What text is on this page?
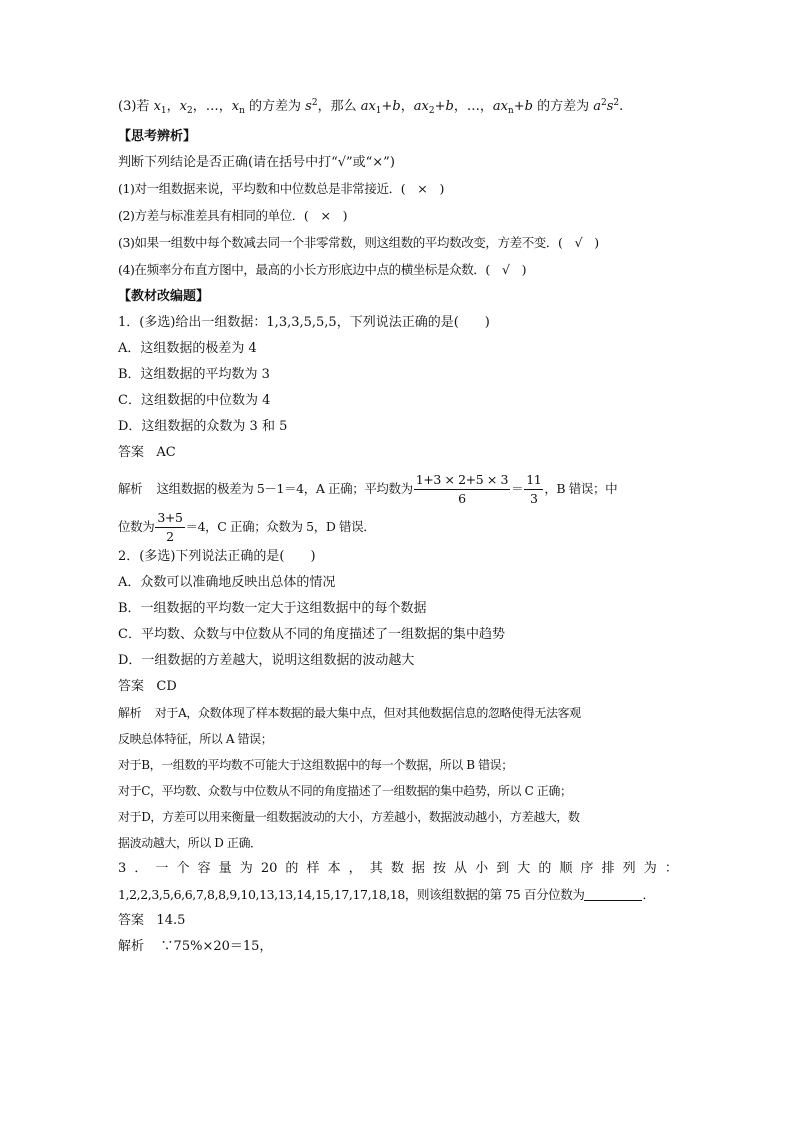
(3)若 $x_1$，$x_2$，…，$x_n$ 的方差为 $s^2$，那么 $ax_1+b$，$ax_2+b$，…，$ax_n+b$ 的方差为 $a^2s^2$.
【思考辨析】
判断下列结论是否正确(请在括号中打“√”或“×”)
(1)对一组数据来说，平均数和中位数总是非常接近．(　×　)
(2)方差与标准差具有相同的单位．(　×　)
(3)如果一组数中每个数减去同一个非零常数，则这组数的平均数改变，方差不变．(　√　)
(4)在频率分布直方图中，最高的小长方形底边中点的横坐标是众数．(　√　)
【教材改编题】
1．(多选)给出一组数据：1,3,3,5,5,5，下列说法正确的是(　　)
A．这组数据的极差为 4
B．这组数据的平均数为 3
C．这组数据的中位数为 4
D．这组数据的众数为 3 和 5
答案 AC
解析 这组数据的极差为 5－1＝4，A 正确；平均数为 $\frac{1+3 \times 2+5 \times 3}{6} = \frac{11}{3}$ ，B 错误；中
位数为 $\frac{3+5}{2} =4$，C 正确；众数为 5，D 错误．
2．(多选)下列说法正确的是(　　)
A．众数可以准确地反映出总体的情况
B．一组数据的平均数一定大于这组数据中的每个数据
C．平均数、众数与中位数从不同的角度描述了一组数据的集中趋势
D．一组数据的方差越大，说明这组数据的波动越大
答案 CD
解析 对于A，众数体现了样本数据的最大集中点，但对其他数据信息的忽略使得无法客观
反映总体特征，所以 A 错误；
对于B，一组数的平均数不可能大于这组数据中的每一个数据，所以 B 错误；
对于C，平均数、众数与中位数从不同的角度描述了一组数据的集中趋势，所以 C 正确；
对于D，方差可以用来衡量一组数据波动的大小，方差越小，数据波动越小，方差越大，数
据波动越大，所以 D 正确．
3 ． 一 个 容 量 为 20 的 样 本 ， 其 数 据 按 从 小 到 大 的 顺 序 排 列 为 ：
1,2,2,3,5,6,6,7,8,8,9,10,13,13,14,15,17,17,18,18，则该组数据的第 75 百分位数为	．
答案 14.5
解析 ∵75%×20＝15，
